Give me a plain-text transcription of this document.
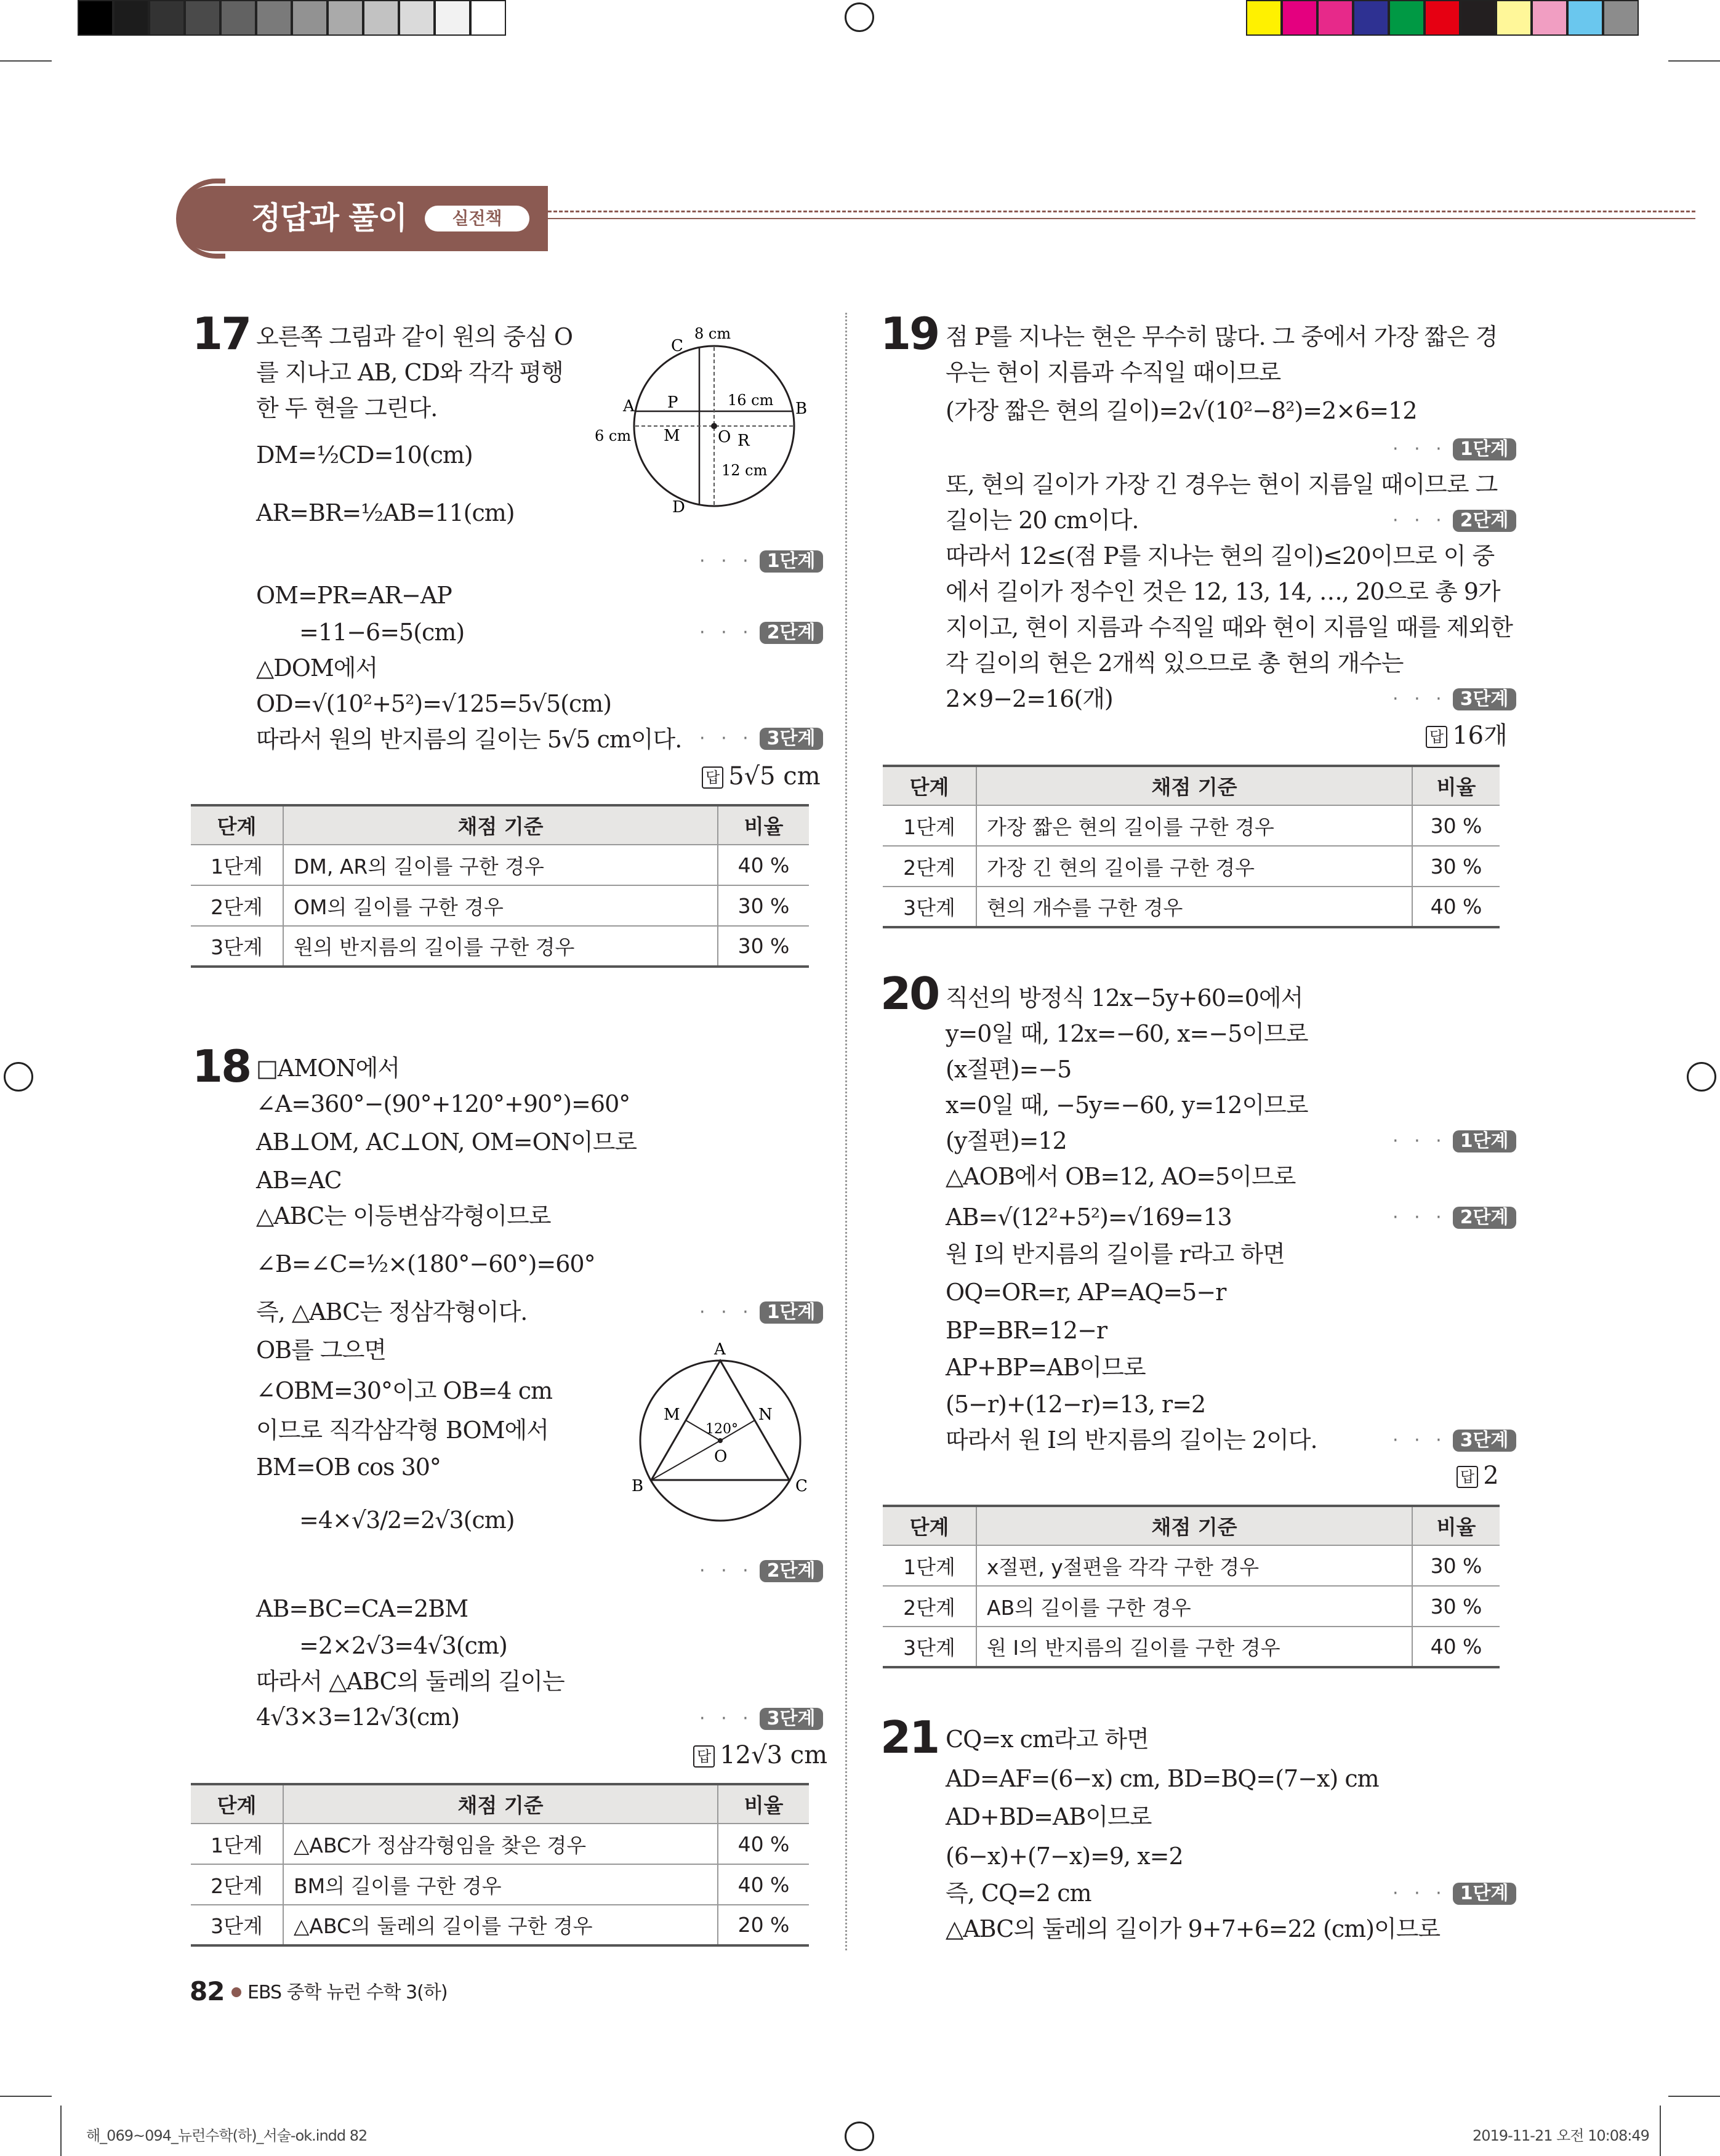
정답과 풀이	실전책
17 오른쪽 그림과 같이 원의 중심 O
를 지나고 AB, CD와 각각 평행
한 두 현을 그린다.
DM=½CD=10(cm)
AR=BR=½AB=11(cm)
· · · 1단계
OM=PR=AR−AP
=11−6=5(cm)	· · · 2단계
△DOM에서
OD=√(10²+5²)=√125=5√5(cm)
따라서 원의 반지름의 길이는 5√5 cm이다. · · · 3단계
답 5√5 cm
C
A	B
D
P
M O R
8 cm
16 cm
6 cm
12 cm
단계	채점 기준	비율
1단계	DM, AR의 길이를 구한 경우	40 %
2단계	OM의 길이를 구한 경우	30 %
3단계	원의 반지름의 길이를 구한 경우	30 %
18 □AMON에서
∠A=360°−(90°+120°+90°)=60°
AB⊥OM, AC⊥ON, OM=ON이므로
AB=AC
△ABC는 이등변삼각형이므로
∠B=∠C=½×(180°−60°)=60°
즉, △ABC는 정삼각형이다.	· · · 1단계
OB를 그으면
∠OBM=30°이고 OB=4 cm
이므로 직각삼각형 BOM에서
BM=OB cos 30°
=4×√3/2=2√3(cm)
· · · 2단계
AB=BC=CA=2BM
=2×2√3=4√3(cm)
따라서 △ABC의 둘레의 길이는
4√3×3=12√3(cm)	· · · 3단계
답 12√3 cm
A
B	C
M	N
O
120°
단계	채점 기준	비율
1단계	△ABC가 정삼각형임을 찾은 경우	40 %
2단계	BM의 길이를 구한 경우	40 %
3단계	△ABC의 둘레의 길이를 구한 경우	20 %
19 점 P를 지나는 현은 무수히 많다. 그 중에서 가장 짧은 경
우는 현이 지름과 수직일 때이므로
(가장 짧은 현의 길이)=2√(10²−8²)=2×6=12
· · · 1단계
또, 현의 길이가 가장 긴 경우는 현이 지름일 때이므로 그
길이는 20 cm이다.	· · · 2단계
따라서 12≤(점 P를 지나는 현의 길이)≤20이므로 이 중
에서 길이가 정수인 것은 12, 13, 14, …, 20으로 총 9가
지이고, 현이 지름과 수직일 때와 현이 지름일 때를 제외한
각 길이의 현은 2개씩 있으므로 총 현의 개수는
2×9−2=16(개)	· · · 3단계
답 16개
단계	채점 기준	비율
1단계	가장 짧은 현의 길이를 구한 경우	30 %
2단계	가장 긴 현의 길이를 구한 경우	30 %
3단계	현의 개수를 구한 경우	40 %
20 직선의 방정식 12x−5y+60=0에서
y=0일 때, 12x=−60, x=−5이므로
(x절편)=−5
x=0일 때, −5y=−60, y=12이므로
(y절편)=12	· · · 1단계
△AOB에서 OB=12, AO=5이므로
AB=√(12²+5²)=√169=13	· · · 2단계
원 I의 반지름의 길이를 r라고 하면
OQ=OR=r, AP=AQ=5−r
BP=BR=12−r
AP+BP=AB이므로
(5−r)+(12−r)=13, r=2
따라서 원 I의 반지름의 길이는 2이다.	· · · 3단계
답 2
단계	채점 기준	비율
1단계	x절편, y절편을 각각 구한 경우	30 %
2단계	AB의 길이를 구한 경우	30 %
3단계	원 I의 반지름의 길이를 구한 경우	40 %
21 CQ=x cm라고 하면
AD=AF=(6−x) cm, BD=BQ=(7−x) cm
AD+BD=AB이므로
(6−x)+(7−x)=9, x=2
즉, CQ=2 cm	· · · 1단계
△ABC의 둘레의 길이가 9+7+6=22 (cm)이므로
82 EBS 중학 뉴런 수학 3(하)
해_069~094_뉴런수학(하)_서술-ok.indd 82	2019-11-21 오전 10:08:49
